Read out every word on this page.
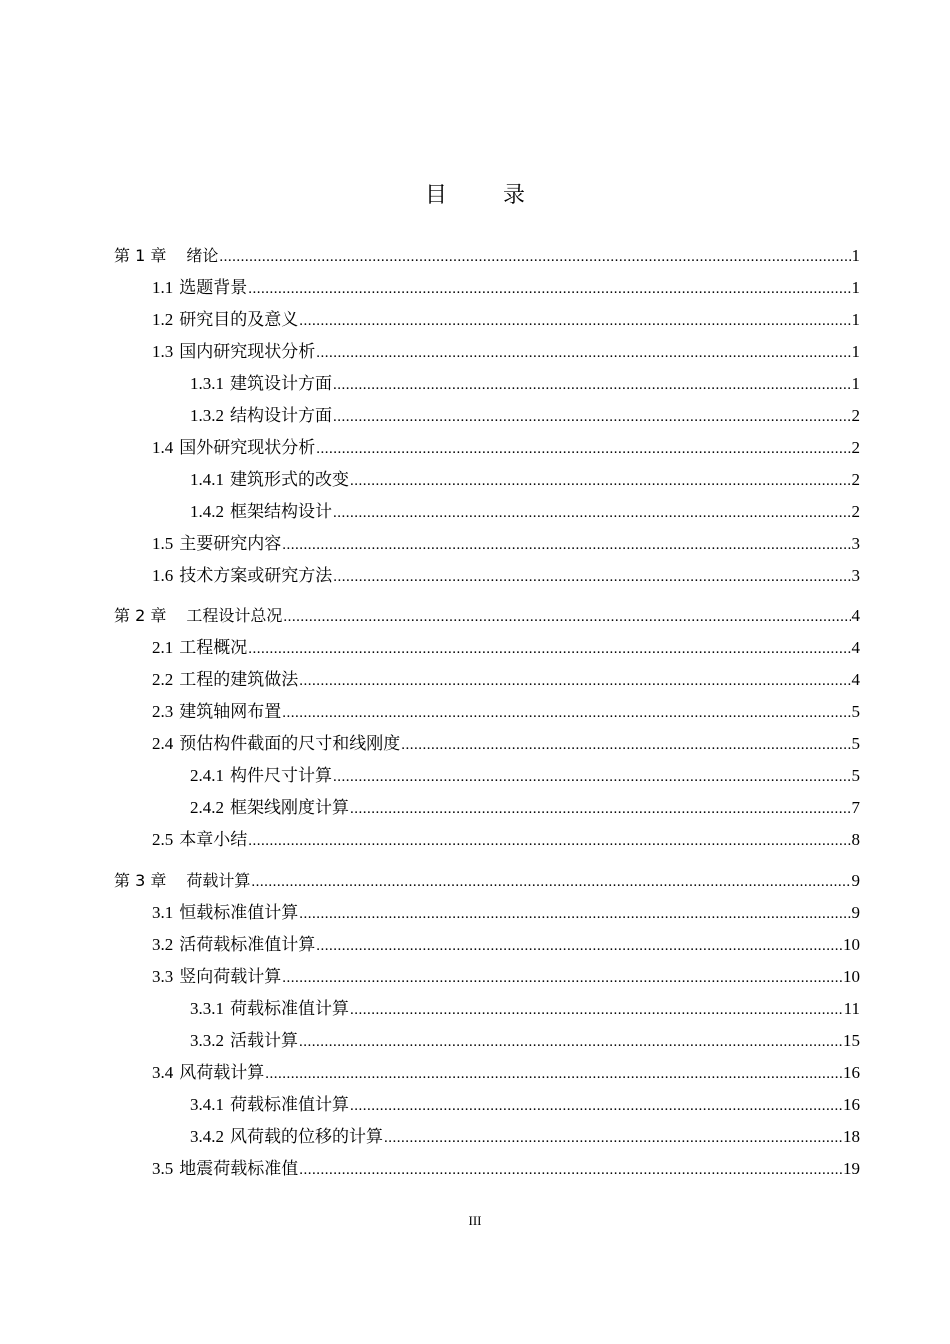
目	录
第 1 章 绪论 .....	1
1.1 选题背景 .....	1
1.2 研究目的及意义 .....	1
1.3 国内研究现状分析 .....	1
1.3.1 建筑设计方面 .....	1
1.3.2 结构设计方面 .....	2
1.4 国外研究现状分析 .....	2
1.4.1 建筑形式的改变 .....	2
1.4.2 框架结构设计 .....	2
1.5 主要研究内容 .....	3
1.6 技术方案或研究方法 .....	3
第 2 章 工程设计总况 .....	4
2.1 工程概况 .....	4
2.2 工程的建筑做法 .....	4
2.3 建筑轴网布置 .....	5
2.4 预估构件截面的尺寸和线刚度 .....	5
2.4.1 构件尺寸计算 .....	5
2.4.2 框架线刚度计算 .....	7
2.5 本章小结 .....	8
第 3 章 荷载计算 .....	9
3.1 恒载标准值计算 .....	9
3.2 活荷载标准值计算 .....	10
3.3 竖向荷载计算 .....	10
3.3.1 荷载标准值计算 .....	11
3.3.2 活载计算 .....	15
3.4 风荷载计算 .....	16
3.4.1 荷载标准值计算 .....	16
3.4.2 风荷载的位移的计算 .....	18
3.5 地震荷载标准值 .....	19
III
